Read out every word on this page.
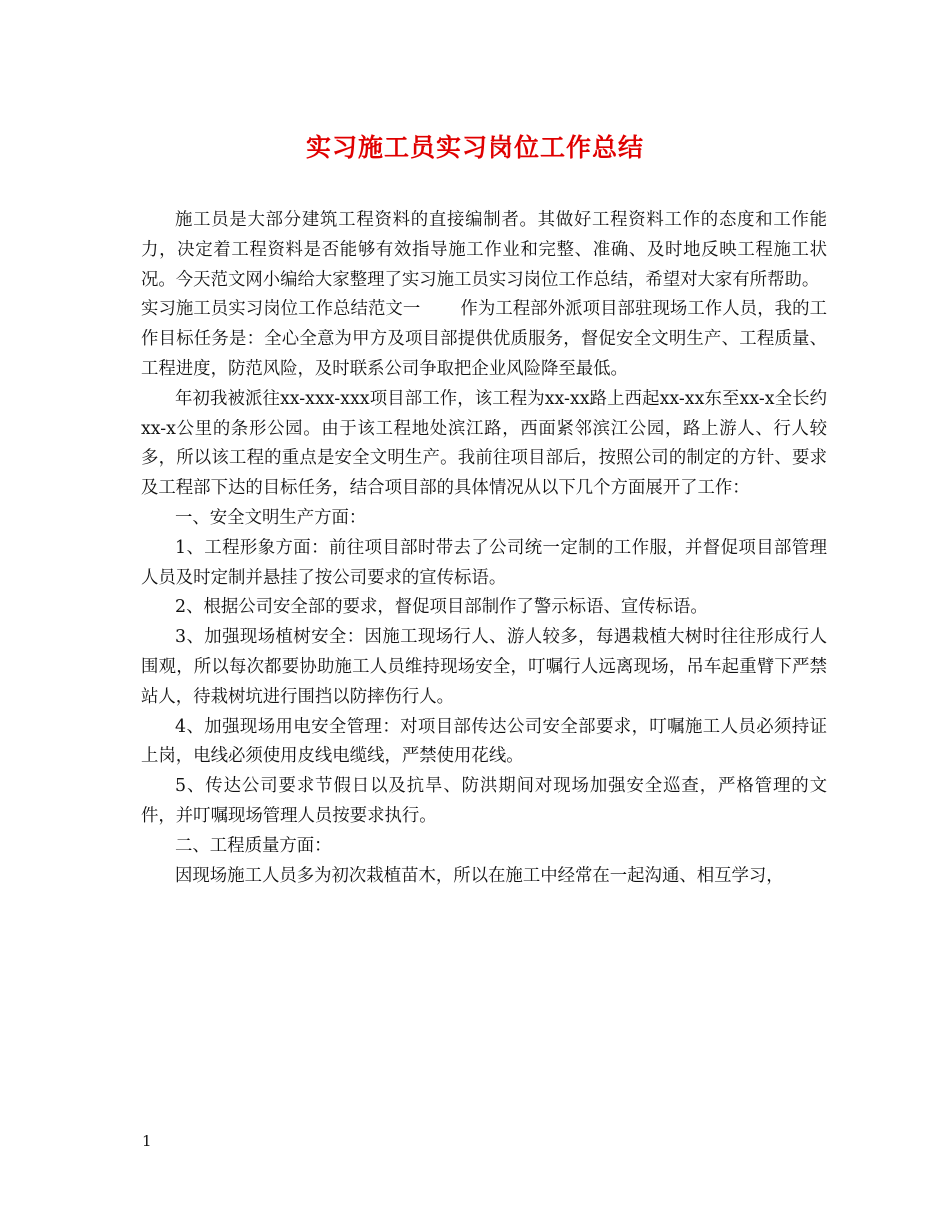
实习施工员实习岗位工作总结

施工员是大部分建筑工程资料的直接编制者。其做好工程资料工作的态度和工作能力，决定着工程资料是否能够有效指导施工作业和完整、准确、及时地反映工程施工状况。今天范文网小编给大家整理了实习施工员实习岗位工作总结，希望对大家有所帮助。

实习施工员实习岗位工作总结范文一 作为工程部外派项目部驻现场工作人员，我的工作目标任务是：全心全意为甲方及项目部提供优质服务，督促安全文明生产、工程质量、工程进度，防范风险，及时联系公司争取把企业风险降至最低。

年初我被派往xx-xxx-xxx项目部工作，该工程为xx-xx路上西起xx-xx东至xx-x全长约xx-x公里的条形公园。由于该工程地处滨江路，西面紧邻滨江公园，路上游人、行人较多，所以该工程的重点是安全文明生产。我前往项目部后，按照公司的制定的方针、要求及工程部下达的目标任务，结合项目部的具体情况从以下几个方面展开了工作：

一、安全文明生产方面：

1、工程形象方面：前往项目部时带去了公司统一定制的工作服，并督促项目部管理人员及时定制并悬挂了按公司要求的宣传标语。

2、根据公司安全部的要求，督促项目部制作了警示标语、宣传标语。

3、加强现场植树安全：因施工现场行人、游人较多，每遇栽植大树时往往形成行人围观，所以每次都要协助施工人员维持现场安全，叮嘱行人远离现场，吊车起重臂下严禁站人，待栽树坑进行围挡以防摔伤行人。

4、加强现场用电安全管理：对项目部传达公司安全部要求，叮嘱施工人员必须持证上岗，电线必须使用皮线电缆线，严禁使用花线。

5、传达公司要求节假日以及抗旱、防洪期间对现场加强安全巡查，严格管理的文件，并叮嘱现场管理人员按要求执行。

二、工程质量方面：

因现场施工人员多为初次栽植苗木，所以在施工中经常在一起沟通、相互学习，

1
